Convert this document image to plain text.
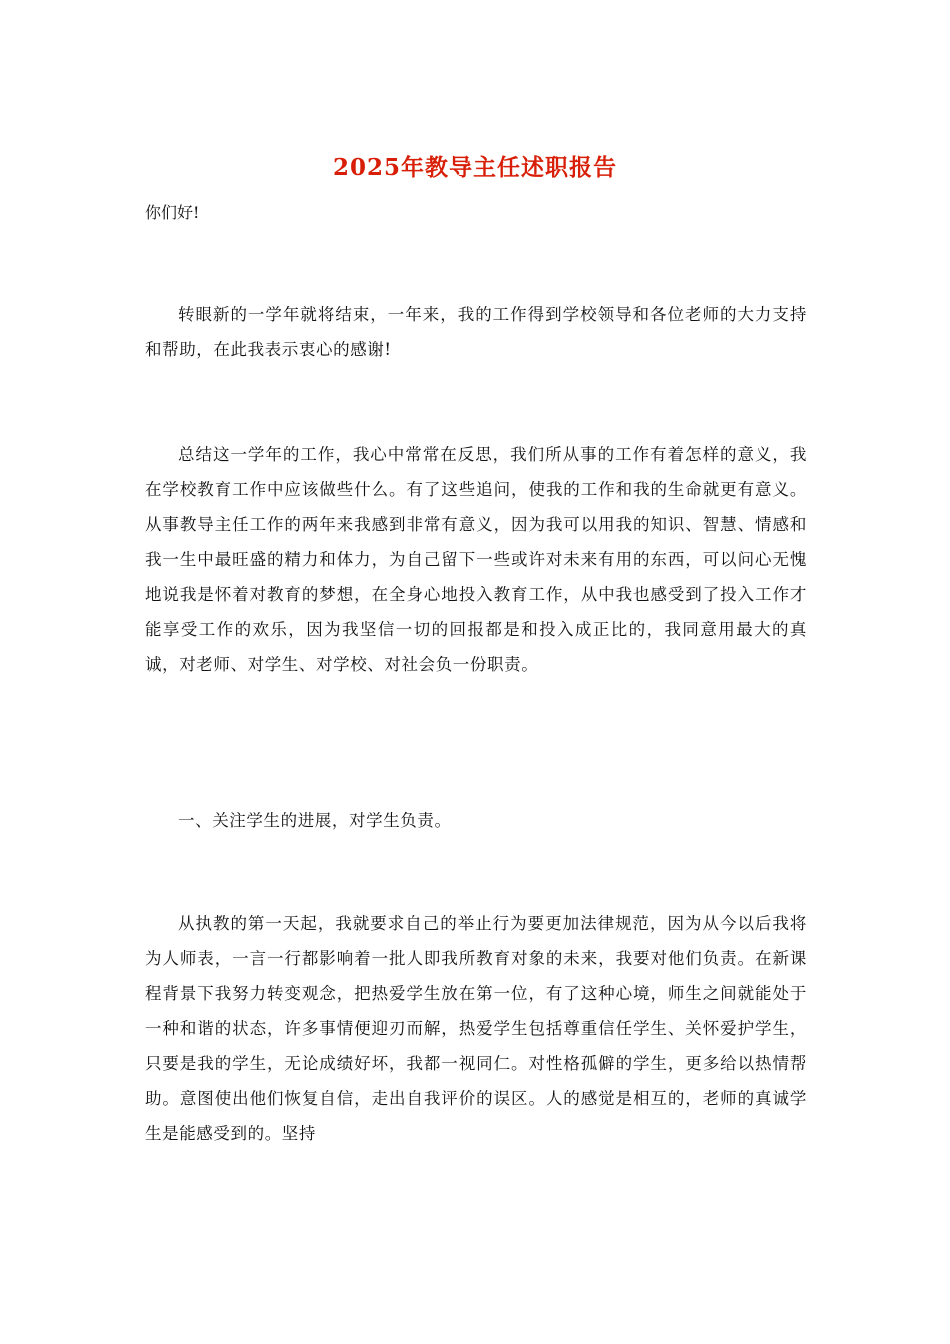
2025年教导主任述职报告
你们好!

转眼新的一学年就将结束，一年来，我的工作得到学校领导和各位老师的大力支持和帮助，在此我表示衷心的感谢!

总结这一学年的工作，我心中常常在反思，我们所从事的工作有着怎样的意义，我在学校教育工作中应该做些什么。有了这些追问，使我的工作和我的生命就更有意义。从事教导主任工作的两年来我感到非常有意义，因为我可以用我的知识、智慧、情感和我一生中最旺盛的精力和体力，为自己留下一些或许对未来有用的东西，可以问心无愧地说我是怀着对教育的梦想，在全身心地投入教育工作，从中我也感受到了投入工作才能享受工作的欢乐，因为我坚信一切的回报都是和投入成正比的，我同意用最大的真诚，对老师、对学生、对学校、对社会负一份职责。

一、关注学生的进展，对学生负责。

从执教的第一天起，我就要求自己的举止行为要更加法律规范，因为从今以后我将为人师表，一言一行都影响着一批人即我所教育对象的未来，我要对他们负责。在新课程背景下我努力转变观念，把热爱学生放在第一位，有了这种心境，师生之间就能处于一种和谐的状态，许多事情便迎刃而解，热爱学生包括尊重信任学生、关怀爱护学生，只要是我的学生，无论成绩好坏，我都一视同仁。对性格孤僻的学生，更多给以热情帮助。意图使出他们恢复自信，走出自我评价的误区。人的感觉是相互的，老师的真诚学生是能感受到的。坚持
